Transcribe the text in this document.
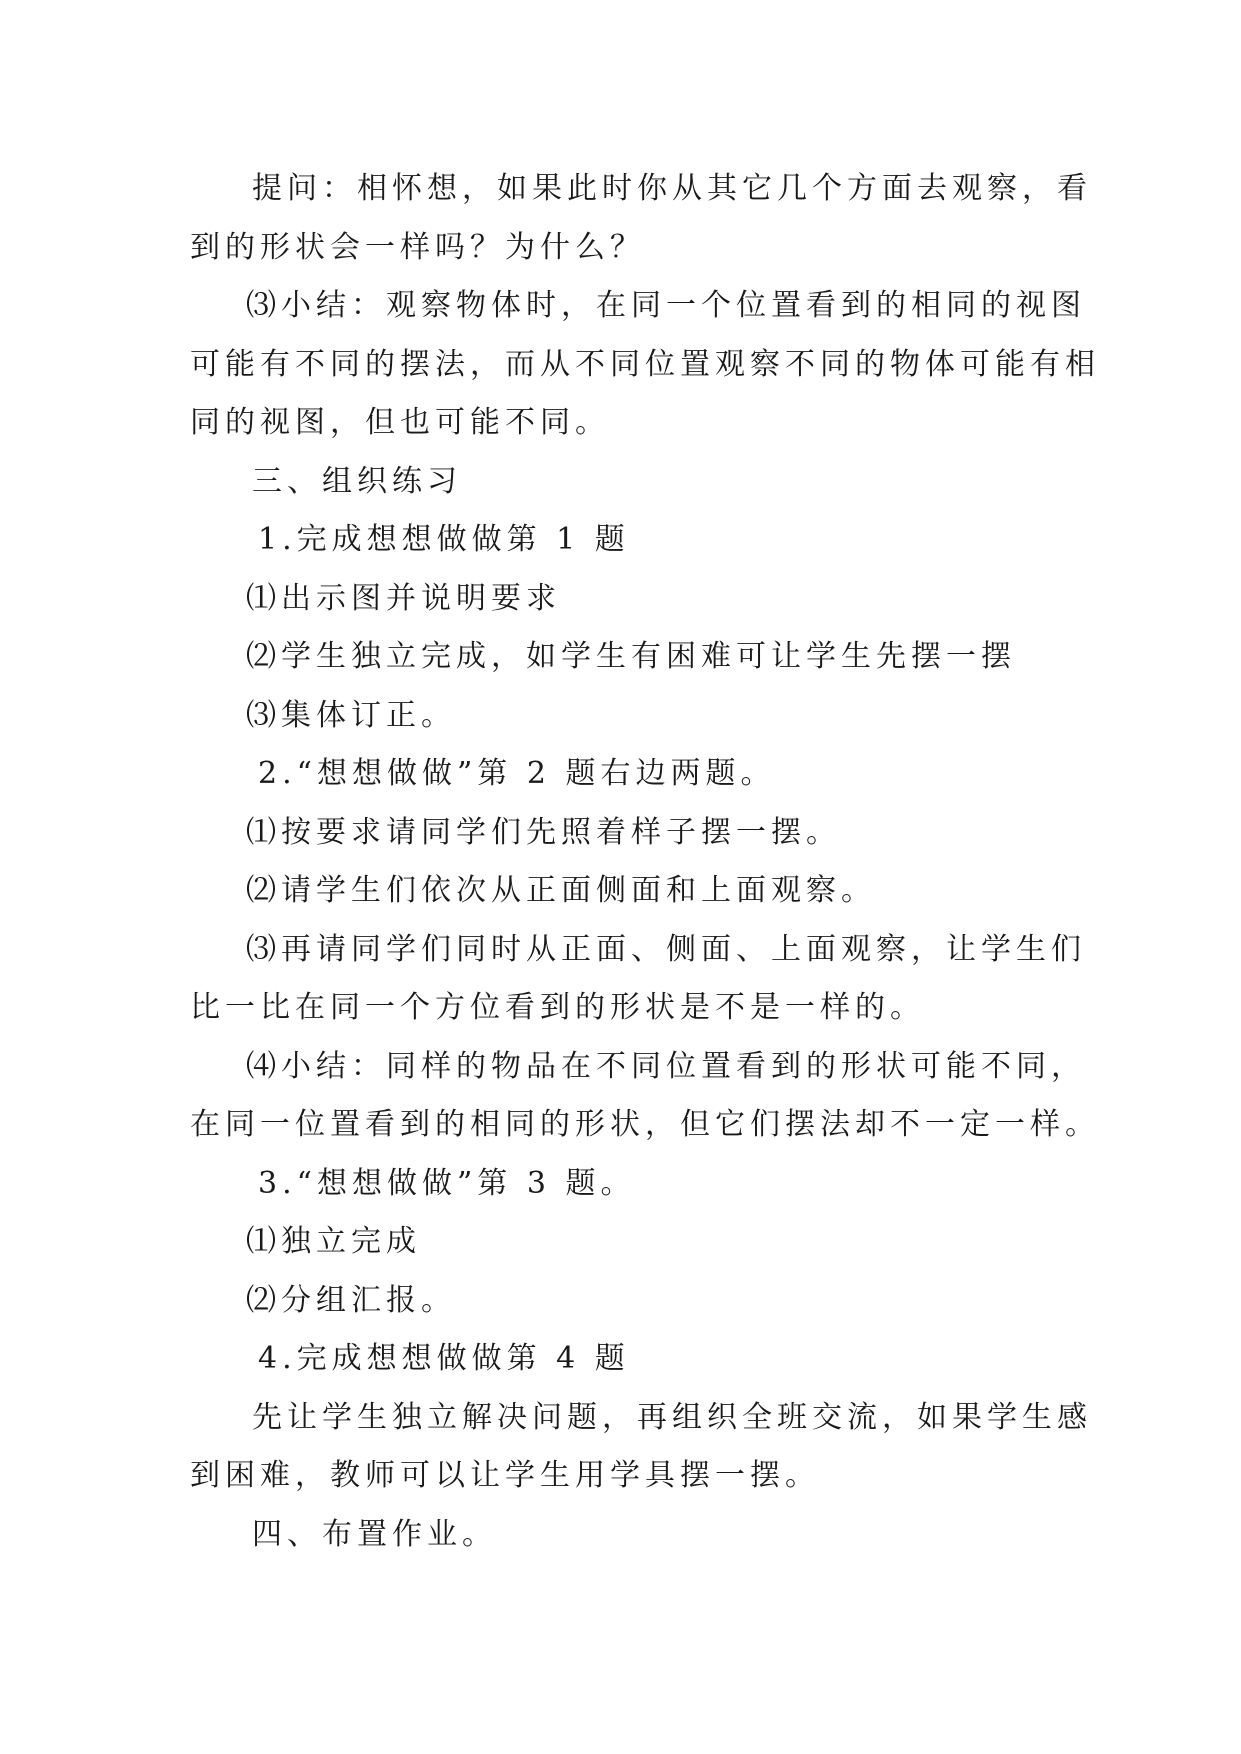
提问：相怀想，如果此时你从其它几个方面去观察，看
到的形状会一样吗？为什么？
⑶小结：观察物体时，在同一个位置看到的相同的视图
可能有不同的摆法，而从不同位置观察不同的物体可能有相
同的视图，但也可能不同。
三、组织练习
1.完成想想做做第 1 题
⑴出示图并说明要求
⑵学生独立完成，如学生有困难可让学生先摆一摆
⑶集体订正。
2.“想想做做”第 2 题右边两题。
⑴按要求请同学们先照着样子摆一摆。
⑵请学生们依次从正面侧面和上面观察。
⑶再请同学们同时从正面、侧面、上面观察，让学生们
比一比在同一个方位看到的形状是不是一样的。
⑷小结：同样的物品在不同位置看到的形状可能不同，
在同一位置看到的相同的形状，但它们摆法却不一定一样。
3.“想想做做”第 3 题。
⑴独立完成
⑵分组汇报。
4.完成想想做做第 4 题
先让学生独立解决问题，再组织全班交流，如果学生感
到困难，教师可以让学生用学具摆一摆。
四、布置作业。
